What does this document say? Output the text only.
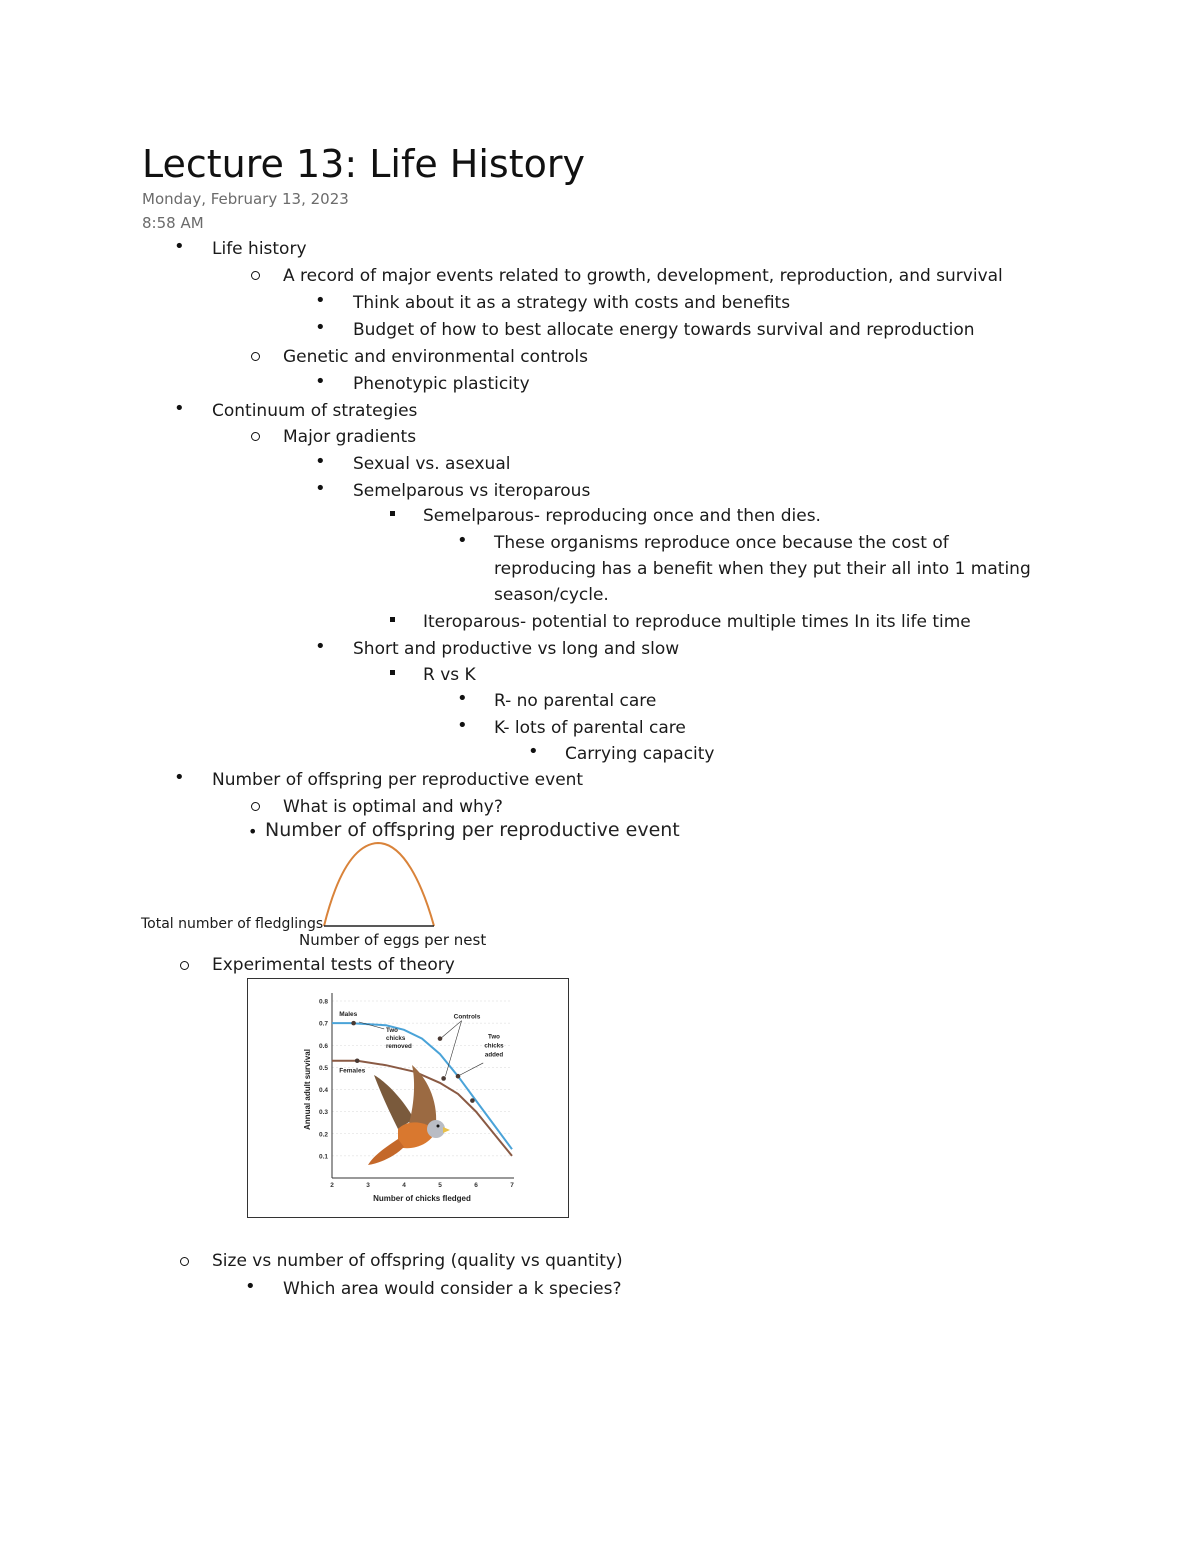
Lecture 13: Life History
Monday, February 13, 2023
8:58 AM
• Life history
A record of major events related to growth, development, reproduction, and survival
• Think about it as a strategy with costs and benefits
• Budget of how to best allocate energy towards survival and reproduction
Genetic and environmental controls
• Phenotypic plasticity
• Continuum of strategies
Major gradients
• Sexual vs. asexual
• Semelparous vs iteroparous
Semelparous- reproducing once and then dies.
• These organisms reproduce once because the cost of
reproducing has a benefit when they put their all into 1 mating
season/cycle.
Iteroparous- potential to reproduce multiple times In its life time
• Short and productive vs long and slow
R vs K
• R- no parental care
• K- lots of parental care
• Carrying capacity
• Number of offspring per reproductive event
What is optimal and why?
• Number of offspring per reproductive event
Total number of fledglings
Number of eggs per nest
Experimental tests of theory
0.1
0.2
0.3
0.4
0.5
0.6
0.7
0.8
2	3	4	5	6	7
Number of chicks fledged
Annual adult survival
Males
Females
Two
chicks
removed
Controls
Two
chicks
added
Size vs number of offspring (quality vs quantity)
• Which area would consider a k species?
